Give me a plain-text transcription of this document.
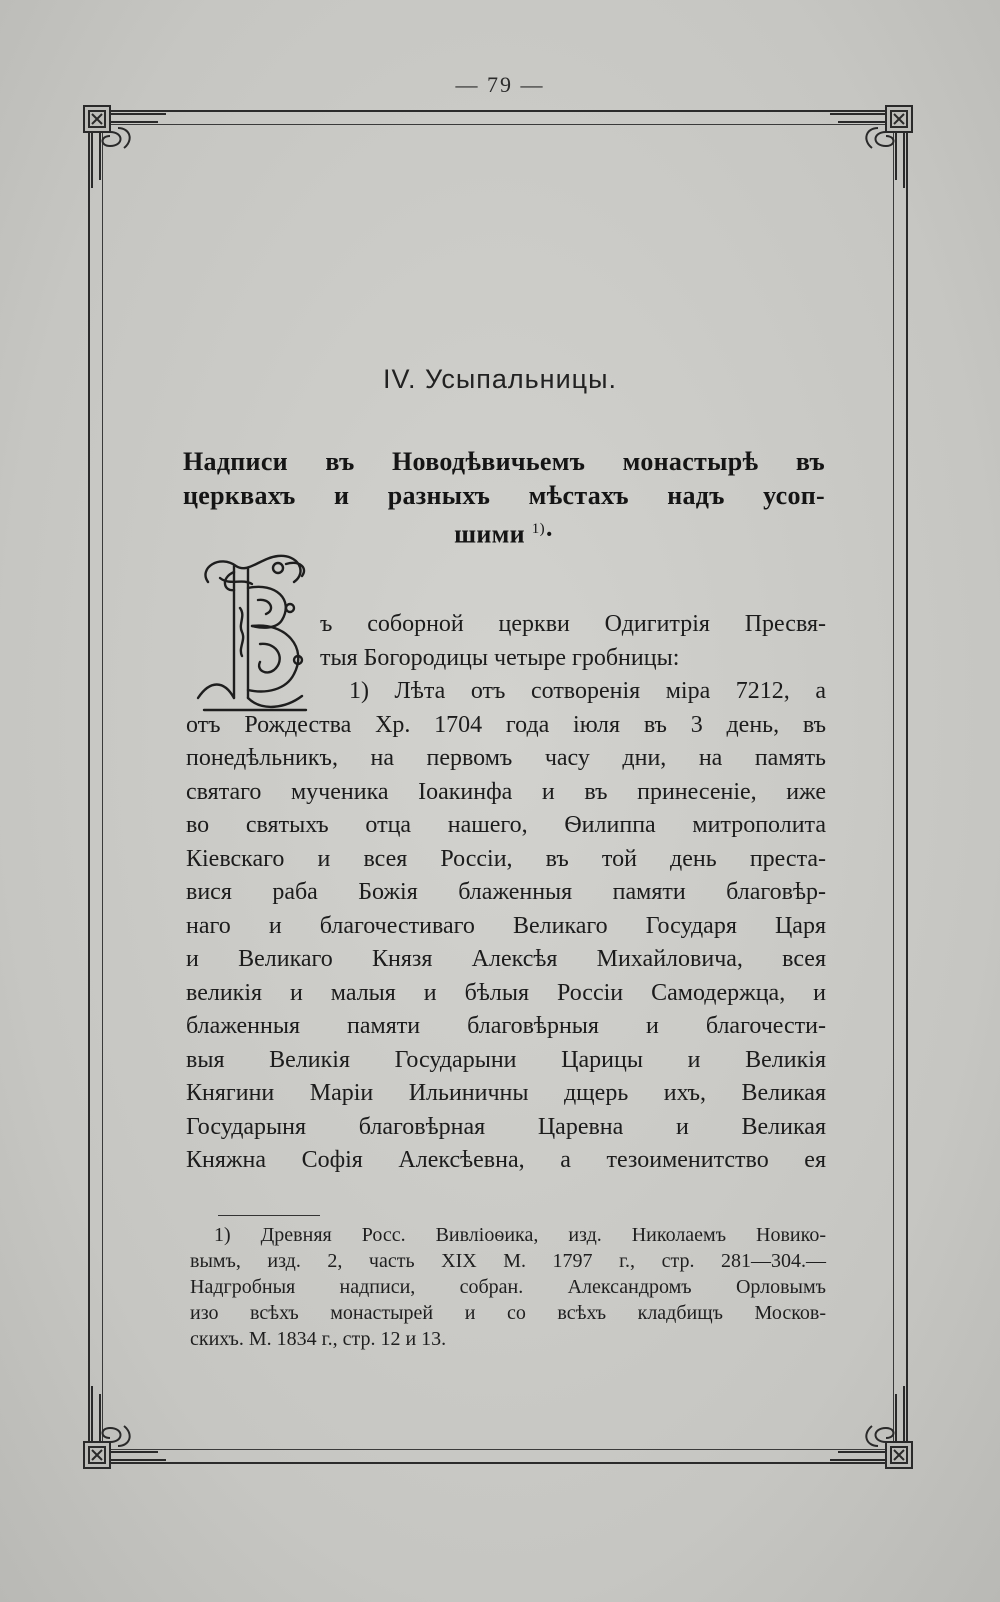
— 79 —
IV. Усыпальницы.
Надписи въ Новодѣвичьемъ монастырѣ въ
церквахъ и разныхъ мѣстахъ надъ усоп-
шими $^{1)}$·
ъ соборной церкви Одигитрія Пресвя-
тыя Богородицы четыре гробницы:
1) Лѣта отъ сотворенія міра 7212, а
отъ Рождества Хр. 1704 года іюля въ 3 день, въ
понедѣльникъ, на первомъ часу дни, на память
святаго мученика Іоакинфа и въ принесеніе, иже
во святыхъ отца нашего, Ѳилиппа митрополита
Кіевскаго и всея Россіи, въ той день преста-
вися раба Божія блаженныя памяти благовѣр-
наго и благочестиваго Великаго Государя Царя
и Великаго Князя Алексѣя Михайловича, всея
великія и малыя и бѣлыя Россіи Самодержца, и
блаженныя памяти благовѣрныя и благочести-
выя Великія Государыни Царицы и Великія
Княгини Маріи Ильиничны дщерь ихъ, Великая
Государыня благовѣрная Царевна и Великая
Княжна Софія Алексѣевна, а тезоименитство ея
1) Древняя Росс. Вивліоѳика, изд. Николаемъ Новико-
вымъ, изд. 2, часть XIX М. 1797 г., стр. 281—304.—
Надгробныя надписи, собран. Александромъ Орловымъ
изо всѣхъ монастырей и со всѣхъ кладбищъ Москов-
скихъ. М. 1834 г., стр. 12 и 13.
